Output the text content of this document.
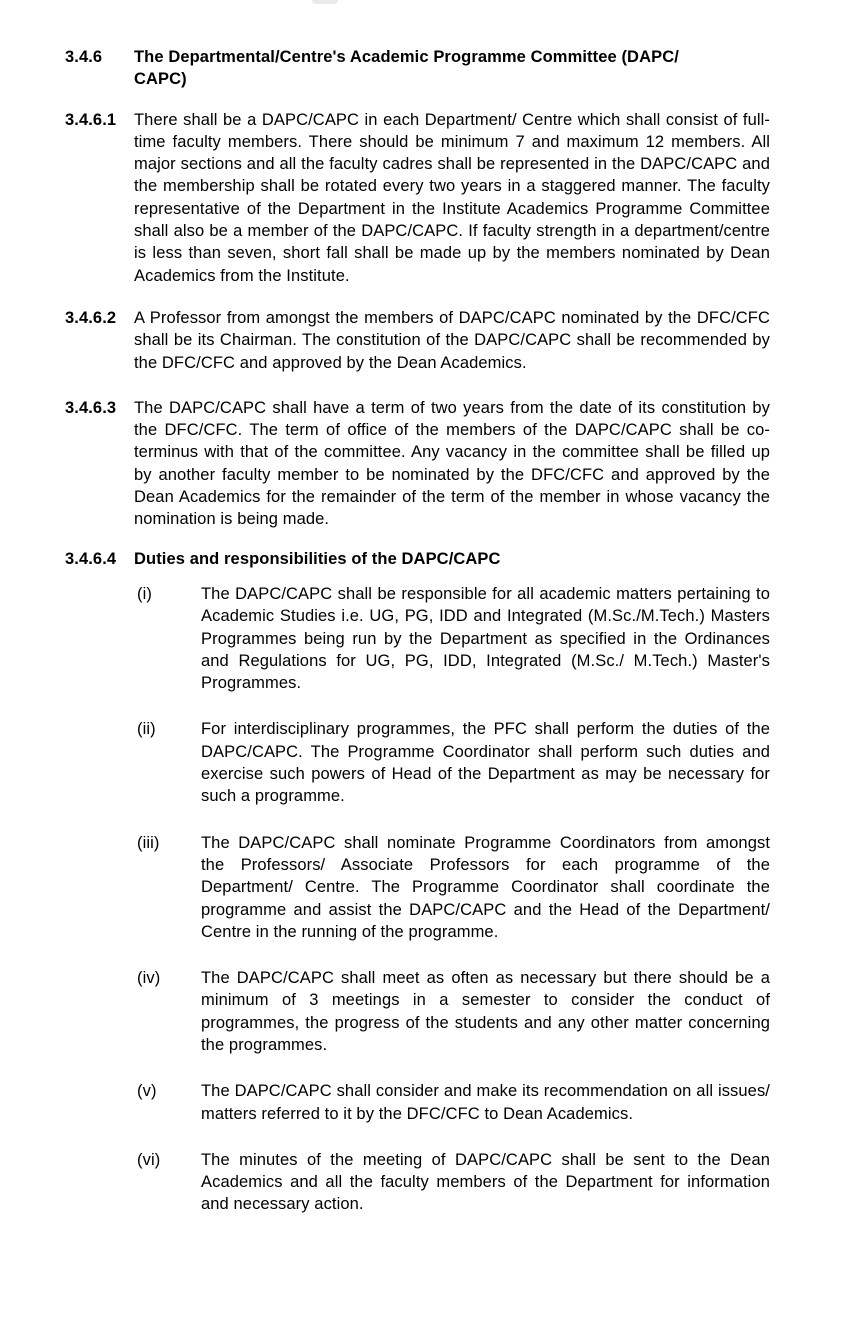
3.4.6	The Departmental/Centre's Academic Programme Committee (DAPC/CAPC)
3.4.6.1	There shall be a DAPC/CAPC in each Department/ Centre which shall consist of full-time faculty members. There should be minimum 7 and maximum 12 members. All major sections and all the faculty cadres shall be represented in the DAPC/CAPC and the membership shall be rotated every two years in a staggered manner. The faculty representative of the Department in the Institute Academics Programme Committee shall also be a member of the DAPC/CAPC. If faculty strength in a department/centre is less than seven, short fall shall be made up by the members nominated by Dean Academics from the Institute.
3.4.6.2	A Professor from amongst the members of DAPC/CAPC nominated by the DFC/CFC shall be its Chairman. The constitution of the DAPC/CAPC shall be recommended by the DFC/CFC and approved by the Dean Academics.
3.4.6.3	The DAPC/CAPC shall have a term of two years from the date of its constitution by the DFC/CFC. The term of office of the members of the DAPC/CAPC shall be co-terminus with that of the committee. Any vacancy in the committee shall be filled up by another faculty member to be nominated by the DFC/CFC and approved by the Dean Academics for the remainder of the term of the member in whose vacancy the nomination is being made.
3.4.6.4	Duties and responsibilities of the DAPC/CAPC
(i)	The DAPC/CAPC shall be responsible for all academic matters pertaining to Academic Studies i.e. UG, PG, IDD and Integrated (M.Sc./M.Tech.) Masters Programmes being run by the Department as specified in the Ordinances and Regulations for UG, PG, IDD, Integrated (M.Sc./ M.Tech.) Master's Programmes.
(ii)	For interdisciplinary programmes, the PFC shall perform the duties of the DAPC/CAPC. The Programme Coordinator shall perform such duties and exercise such powers of Head of the Department as may be necessary for such a programme.
(iii)	The DAPC/CAPC shall nominate Programme Coordinators from amongst the Professors/ Associate Professors for each programme of the Department/ Centre. The Programme Coordinator shall coordinate the programme and assist the DAPC/CAPC and the Head of the Department/ Centre in the running of the programme.
(iv)	The DAPC/CAPC shall meet as often as necessary but there should be a minimum of 3 meetings in a semester to consider the conduct of programmes, the progress of the students and any other matter concerning the programmes.
(v)	The DAPC/CAPC shall consider and make its recommendation on all issues/ matters referred to it by the DFC/CFC to Dean Academics.
(vi)	The minutes of the meeting of DAPC/CAPC shall be sent to the Dean Academics and all the faculty members of the Department for information and necessary action.
